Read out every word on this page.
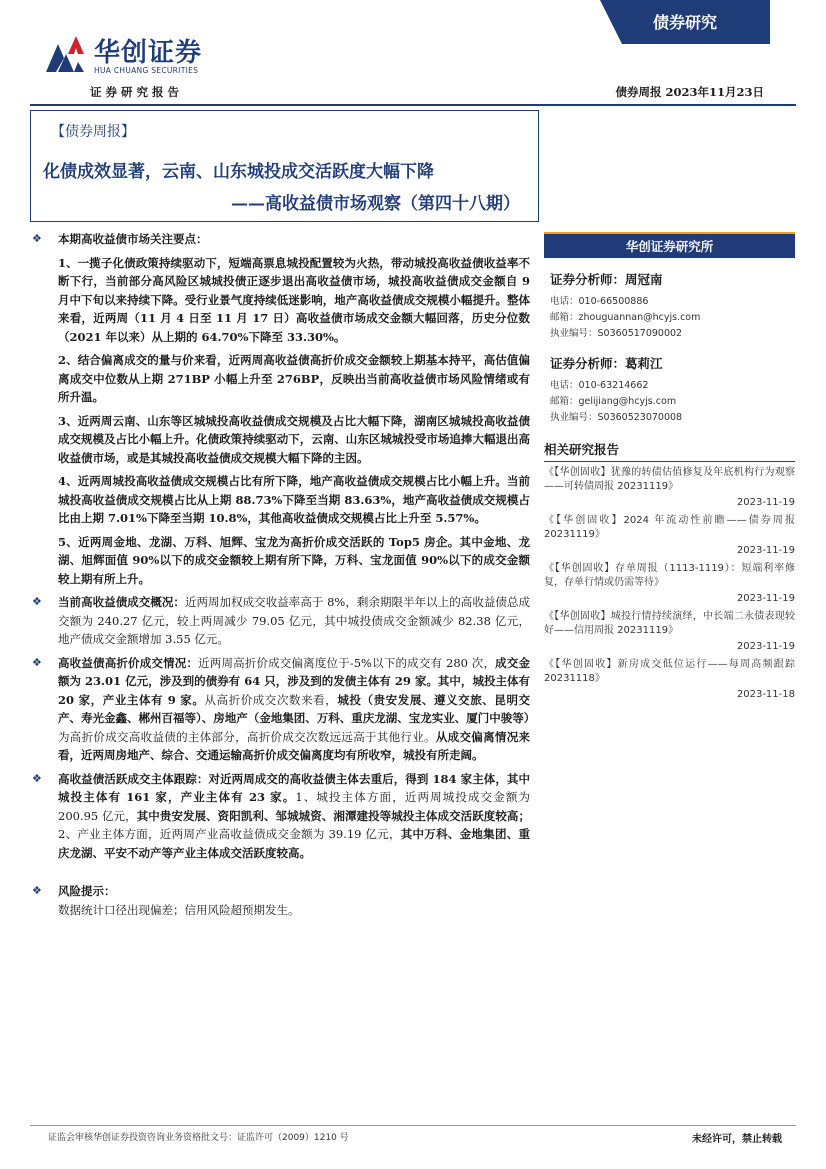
华创证券
HUA CHUANG SECURITIES
债券研究
证券研究报告	债券周报 2023年11月23日
【债券周报】
化债成效显著，云南、山东城投成交活跃度大幅下降
——高收益债市场观察（第四十八期）
❖ 本期高收益债市场关注要点：
1、一揽子化债政策持续驱动下，短端高票息城投配置较为火热，带动城投高收益债收益率不断下行，当前部分高风险区城城投债正逐步退出高收益债市场，城投高收益债成交金额自 9 月中下旬以来持续下降。受行业景气度持续低迷影响，地产高收益债成交规模小幅提升。整体来看，近两周（11 月 4 日至 11 月 17 日）高收益债市场成交金额大幅回落，历史分位数（2021 年以来）从上期的 64.70%下降至 33.30%。
2、结合偏离成交的量与价来看，近两周高收益债高折价成交金额较上期基本持平，高估值偏离成交中位数从上期 271BP 小幅上升至 276BP，反映出当前高收益债市场风险情绪或有所升温。
3、近两周云南、山东等区城城投高收益债成交规模及占比大幅下降，湖南区城城投高收益债成交规模及占比小幅上升。化债政策持续驱动下，云南、山东区城城投受市场追捧大幅退出高收益债市场，或是其城投高收益债成交规模大幅下降的主因。
4、近两周城投高收益债成交规模占比有所下降，地产高收益债成交规模占比小幅上升。当前城投高收益债成交规模占比从上期 88.73%下降至当期 83.63%，地产高收益债成交规模占比由上期 7.01%下降至当期 10.8%，其他高收益债成交规模占比上升至 5.57%。
5、近两周金地、龙湖、万科、旭辉、宝龙为高折价成交活跃的 Top5 房企。其中金地、龙湖、旭辉面值 90%以下的成交金额较上期有所下降，万科、宝龙面值 90%以下的成交金额较上期有所上升。
❖ 当前高收益债成交概况：近两周加权成交收益率高于 8%，剩余期限半年以上的高收益债总成交额为 240.27 亿元，较上两周减少 79.05 亿元，其中城投债成交金额减少 82.38 亿元，地产债成交金额增加 3.55 亿元。
❖ 高收益债高折价成交情况：近两周高折价成交偏离度位于-5%以下的成交有 280 次，成交金额为 23.01 亿元，涉及到的债券有 64 只，涉及到的发债主体有 29 家。其中，城投主体有 20 家，产业主体有 9 家。从高折价成交次数来看，城投（贵安发展、遵义交旅、昆明交产、寿光金鑫、郴州百福等）、房地产（金地集团、万科、重庆龙湖、宝龙实业、厦门中骏等）为高折价成交高收益债的主体部分，高折价成交次数远远高于其他行业。从成交偏离情况来看，近两周房地产、综合、交通运输高折价成交偏离度均有所收窄，城投有所走阔。
❖ 高收益债活跃成交主体跟踪：对近两周成交的高收益债主体去重后，得到 184 家主体，其中城投主体有 161 家，产业主体有 23 家。1、城投主体方面，近两周城投成交金额为 200.95 亿元，其中贵安发展、资阳凯利、邹城城资、湘潭建投等城投主体成交活跃度较高；2、产业主体方面，近两周产业高收益债成交金额为 39.19 亿元，其中万科、金地集团、重庆龙湖、平安不动产等产业主体成交活跃度较高。
❖ 风险提示：
数据统计口径出现偏差；信用风险超预期发生。
华创证券研究所
证券分析师：周冠南
电话：010-66500886
邮箱：zhouguannan@hcyjs.com
执业编号：S0360517090002
证券分析师：葛莉江
电话：010-63214662
邮箱：gelijiang@hcyjs.com
执业编号：S0360523070008
相关研究报告
《【华创固收】犹豫的转债估值修复及年底机构行为观察——可转债周报 20231119》
2023-11-19
《【华创固收】2024 年流动性前瞻——债券周报 20231119》
2023-11-19
《【华创固收】存单周报（1113-1119）：短端利率修复，存单行情或仍需等待》
2023-11-19
《【华创固收】城投行情持续演绎，中长端二永债表现较好——信用周报 20231119》
2023-11-19
《【华创固收】新房成交低位运行——每周高频跟踪 20231118》
2023-11-18
证监会审核华创证券投资咨询业务资格批文号：证监许可（2009）1210 号	未经许可，禁止转载
